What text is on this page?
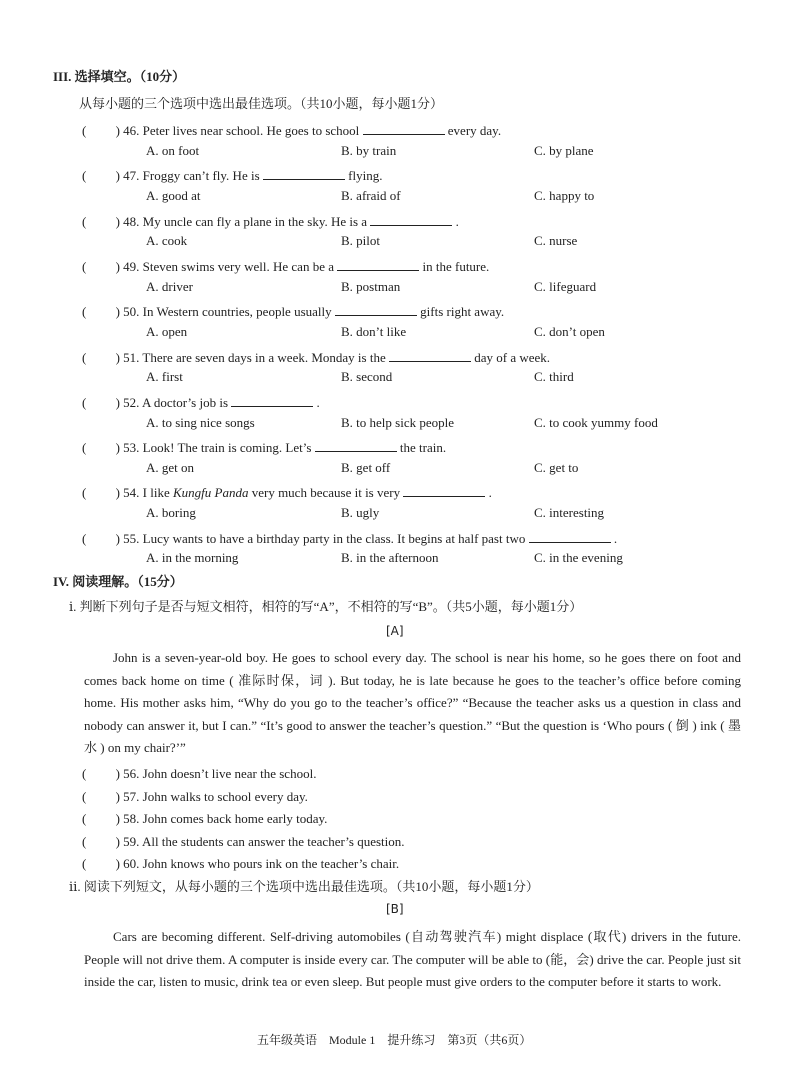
III. 选择填空。（10分）
从每小题的三个选项中选出最佳选项。（共10小题，每小题1分）
( 　　) 46. Peter lives near school. He goes to school	every day.
A. on foot	B. by train	C. by plane
( 　　) 47. Froggy can’t fly. He is	flying.
A. good at	B. afraid of	C. happy to
( 　　) 48. My uncle can fly a plane in the sky. He is a	.
A. cook	B. pilot	C. nurse
( 　　) 49. Steven swims very well. He can be a	in the future.
A. driver	B. postman	C. lifeguard
( 　　) 50. In Western countries, people usually	gifts right away.
A. open	B. don’t like	C. don’t open
( 　　) 51. There are seven days in a week. Monday is the	day of a week.
A. first	B. second	C. third
( 　　) 52. A doctor’s job is	.
A. to sing nice songs	B. to help sick people	C. to cook yummy food
( 　　) 53. Look! The train is coming. Let’s	the train.
A. get on	B. get off	C. get to
( 　　) 54. I like Kungfu Panda very much because it is very	.
A. boring	B. ugly	C. interesting
( 　　) 55. Lucy wants to have a birthday party in the class. It begins at half past two	.
A. in the morning	B. in the afternoon	C. in the evening
IV. 阅读理解。（15分）
ⅰ. 判断下列句子是否与短文相符，相符的写“A”，不相符的写“B”。（共5小题，每小题1分）
[A]

John is a seven-year-old boy. He goes to school every day. The school is near his home, so he goes there on foot and comes back home on time ( 准际时保，词 ). But today, he is late because he goes to the teacher’s office before coming home. His mother asks him, “Why do you go to the teacher’s office?” “Because the teacher asks us a question in class and nobody can answer it, but I can.” “It’s good to answer the teacher’s question.” “But the question is ‘Who pours ( 倒 ) ink ( 墨水 ) on my chair?’”

( 　　) 56. John doesn’t live near the school.
( 　　) 57. John walks to school every day.
( 　　) 58. John comes back home early today.
( 　　) 59. All the students can answer the teacher’s question.
( 　　) 60. John knows who pours ink on the teacher’s chair.
ⅱ. 阅读下列短文，从每小题的三个选项中选出最佳选项。（共10小题，每小题1分）
[B]

Cars are becoming different. Self-driving automobiles (自动驾驶汽车) might displace (取代) drivers in the future. People will not drive them. A computer is inside every car. The computer will be able to (能，会) drive the car. People just sit inside the car, listen to music, drink tea or even sleep. But people must give orders to the computer before it starts to work.

五年级英语　Module 1　提升练习　第3页（共6页）
